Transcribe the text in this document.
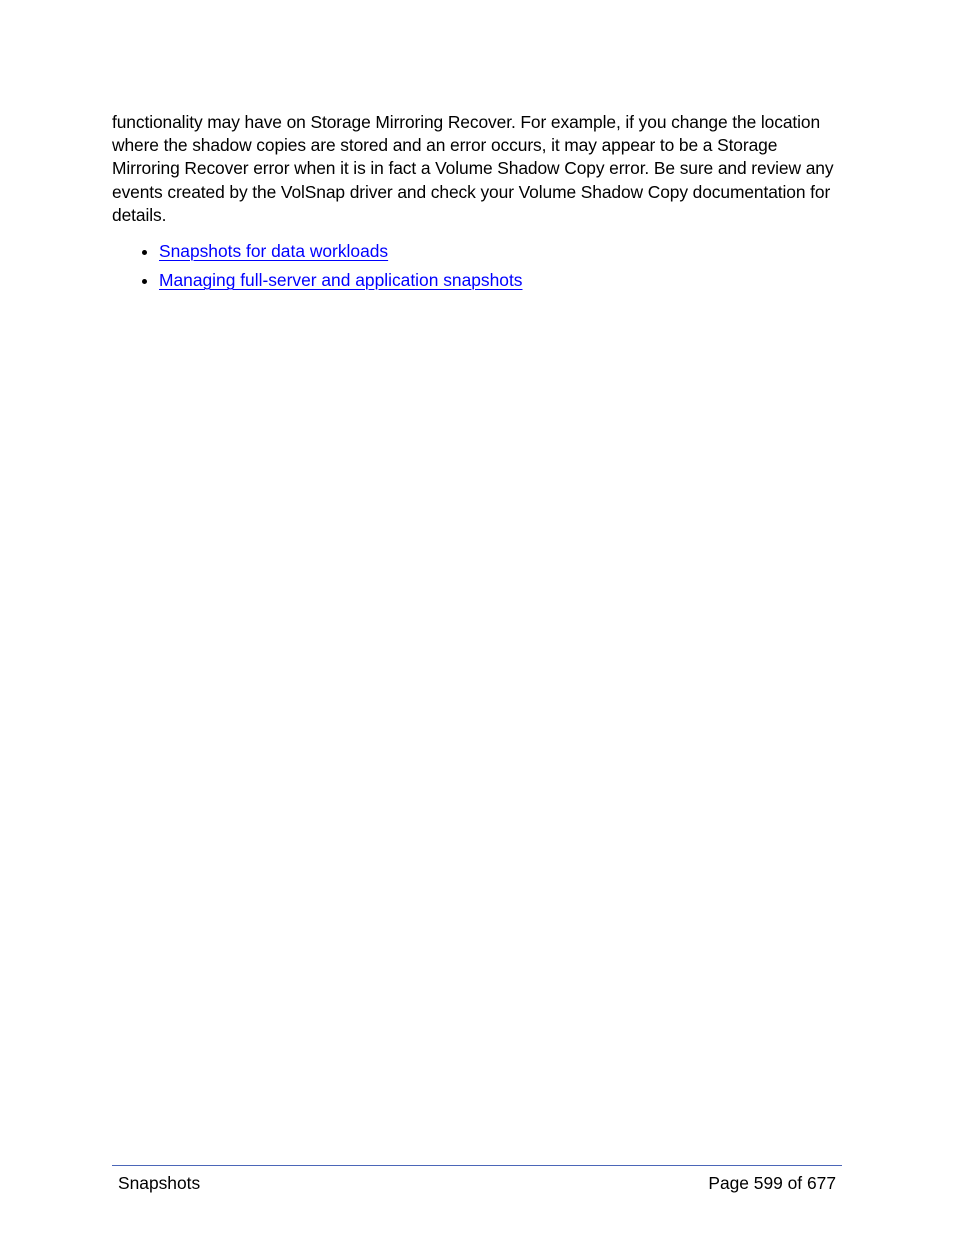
functionality may have on Storage Mirroring Recover. For example, if you change the location where the shadow copies are stored and an error occurs, it may appear to be a Storage Mirroring Recover error when it is in fact a Volume Shadow Copy error. Be sure and review any events created by the VolSnap driver and check your Volume Shadow Copy documentation for details.

Snapshots for data workloads
Managing full-server and application snapshots
Snapshots	Page 599 of 677
